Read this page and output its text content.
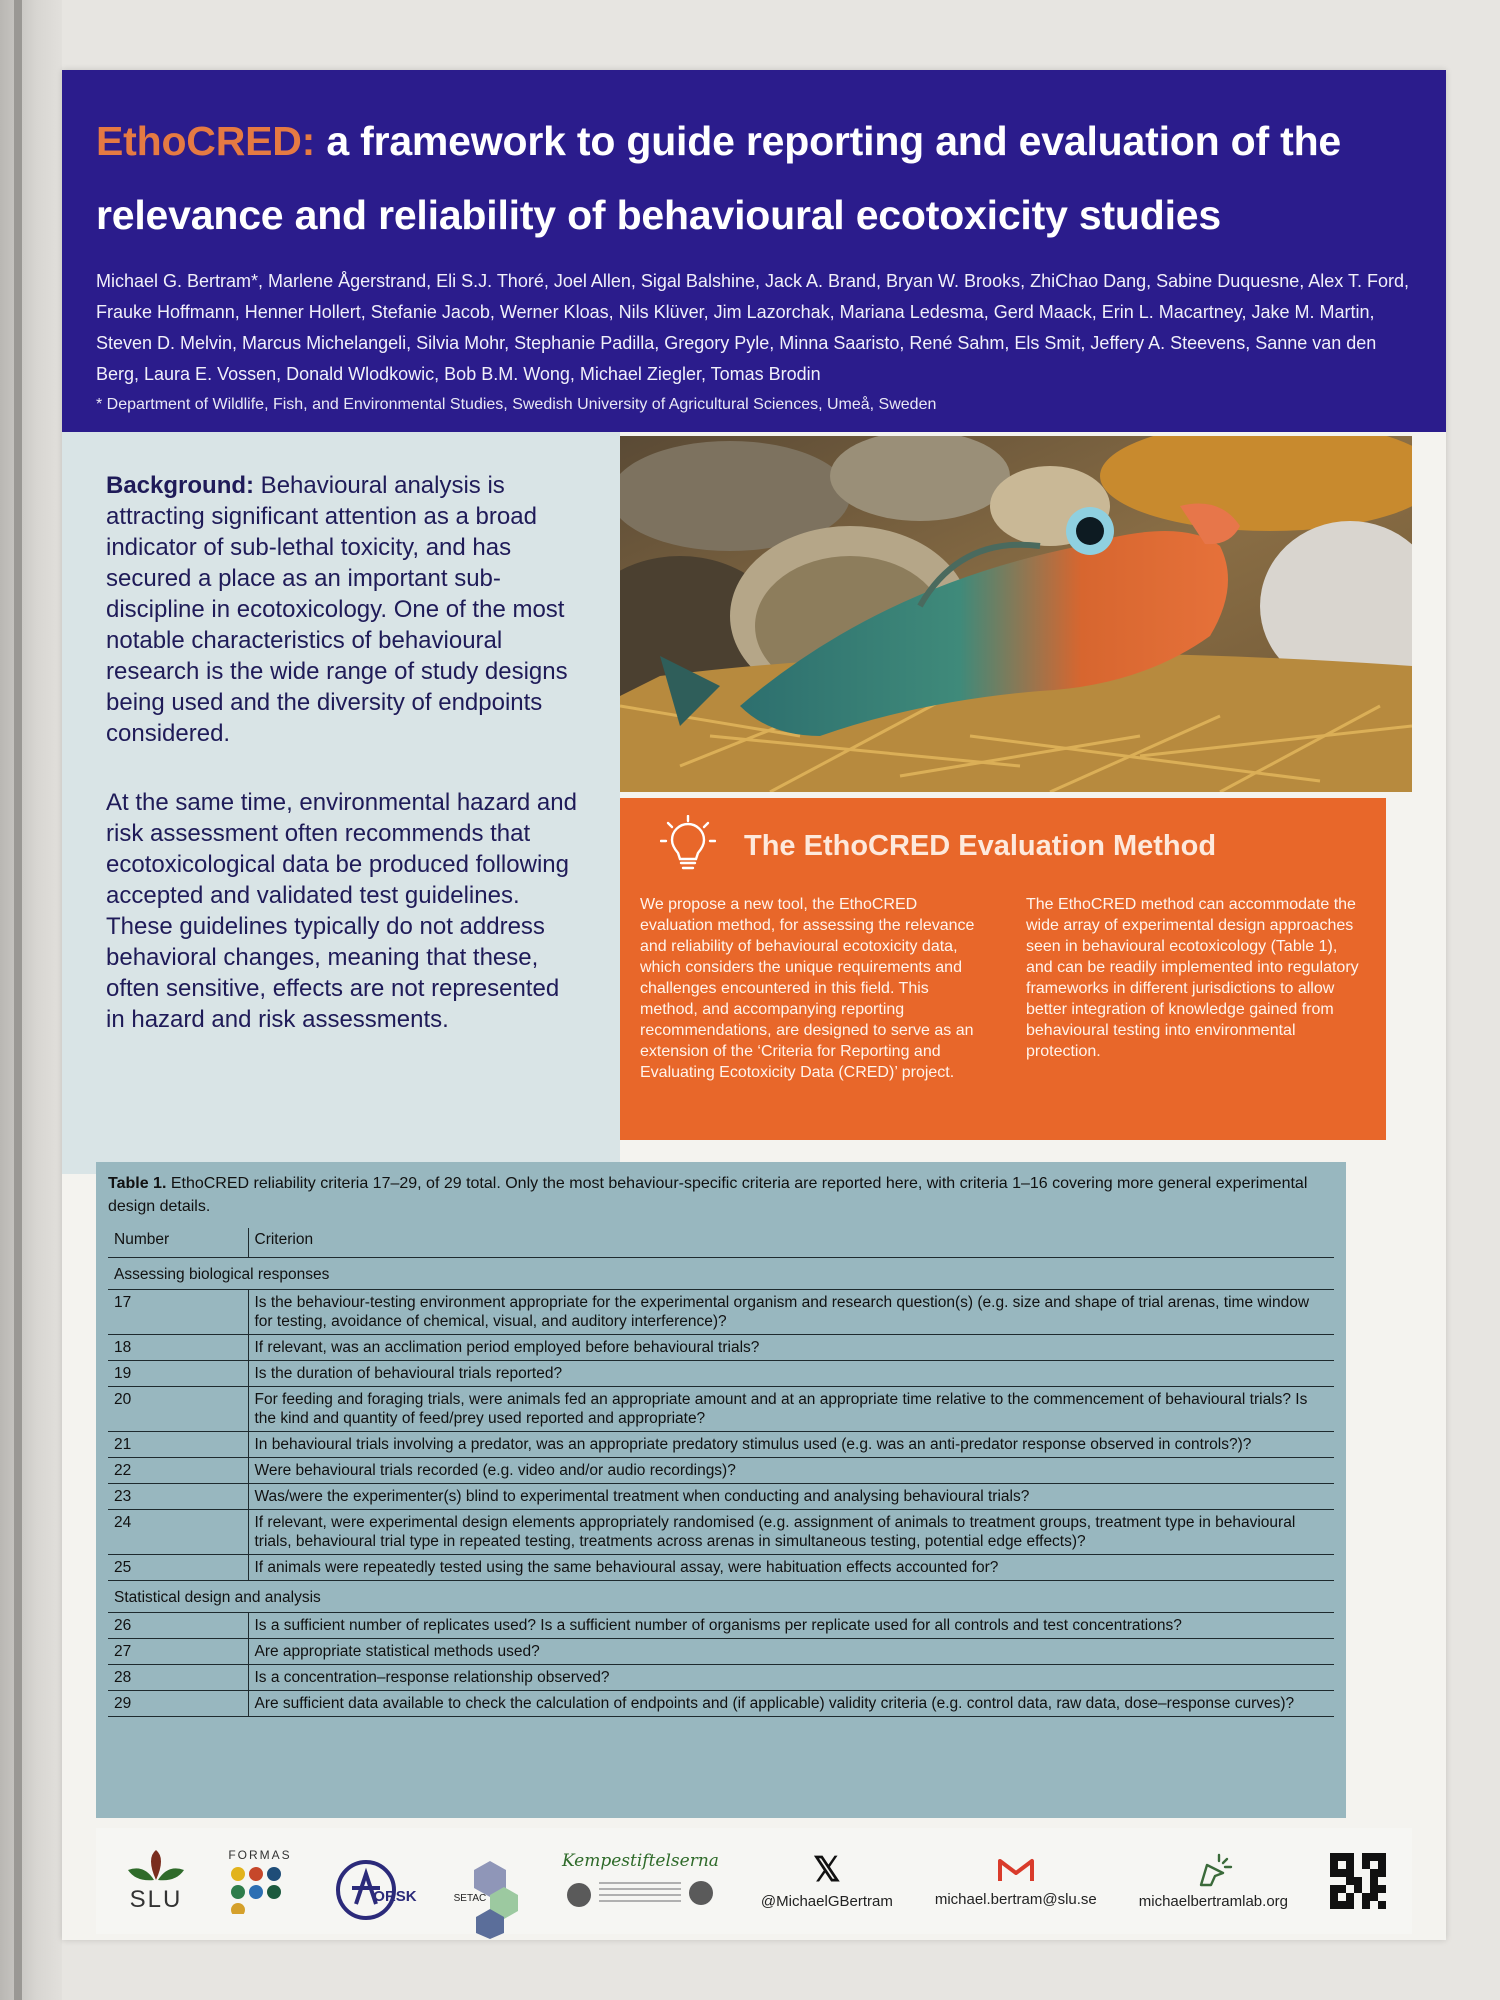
EthoCRED: a framework to guide reporting and evaluation of the relevance and reliability of behavioural ecotoxicity studies

Michael G. Bertram*, Marlene Ågerstrand, Eli S.J. Thoré, Joel Allen, Sigal Balshine, Jack A. Brand, Bryan W. Brooks, ZhiChao Dang, Sabine Duquesne, Alex T. Ford, Frauke Hoffmann, Henner Hollert, Stefanie Jacob, Werner Kloas, Nils Klüver, Jim Lazorchak, Mariana Ledesma, Gerd Maack, Erin L. Macartney, Jake M. Martin, Steven D. Melvin, Marcus Michelangeli, Silvia Mohr, Stephanie Padilla, Gregory Pyle, Minna Saaristo, René Sahm, Els Smit, Jeffery A. Steevens, Sanne van den Berg, Laura E. Vossen, Donald Wlodkowic, Bob B.M. Wong, Michael Ziegler, Tomas Brodin

* Department of Wildlife, Fish, and Environmental Studies, Swedish University of Agricultural Sciences, Umeå, Sweden

Background: Behavioural analysis is attracting significant attention as a broad indicator of sub-lethal toxicity, and has secured a place as an important sub-discipline in ecotoxicology. One of the most notable characteristics of behavioural research is the wide range of study designs being used and the diversity of endpoints considered.

At the same time, environmental hazard and risk assessment often recommends that ecotoxicological data be produced following accepted and validated test guidelines. These guidelines typically do not address behavioral changes, meaning that these, often sensitive, effects are not represented in hazard and risk assessments.

The EthoCRED Evaluation Method

We propose a new tool, the EthoCRED evaluation method, for assessing the relevance and reliability of behavioural ecotoxicity data, which considers the unique requirements and challenges encountered in this field. This method, and accompanying reporting recommendations, are designed to serve as an extension of the ‘Criteria for Reporting and Evaluating Ecotoxicity Data (CRED)’ project.

The EthoCRED method can accommodate the wide array of experimental design approaches seen in behavioural ecotoxicology (Table 1), and can be readily implemented into regulatory frameworks in different jurisdictions to allow better integration of knowledge gained from behavioural testing into environmental protection.

Table 1. EthoCRED reliability criteria 17–29, of 29 total. Only the most behaviour-specific criteria are reported here, with criteria 1–16 covering more general experimental design details.

Number	Criterion
Assessing biological responses	
17	Is the behaviour-testing environment appropriate for the experimental organism and research question(s) (e.g. size and shape of trial arenas, time window for testing, avoidance of chemical, visual, and auditory interference)?
18	If relevant, was an acclimation period employed before behavioural trials?
19	Is the duration of behavioural trials reported?
20	For feeding and foraging trials, were animals fed an appropriate amount and at an appropriate time relative to the commencement of behavioural trials? Is the kind and quantity of feed/prey used reported and appropriate?
21	In behavioural trials involving a predator, was an appropriate predatory stimulus used (e.g. was an anti-predator response observed in controls?)?
22	Were behavioural trials recorded (e.g. video and/or audio recordings)?
23	Was/were the experimenter(s) blind to experimental treatment when conducting and analysing behavioural trials?
24	If relevant, were experimental design elements appropriately randomised (e.g. assignment of animals to treatment groups, treatment type in behavioural trials, behavioural trial type in repeated testing, treatments across arenas in simultaneous testing, potential edge effects)?
25	If animals were repeatedly tested using the same behavioural assay, were habituation effects accounted for?
Statistical design and analysis	
26	Is a sufficient number of replicates used? Is a sufficient number of organisms per replicate used for all controls and test concentrations?
27	Are appropriate statistical methods used?
28	Is a concentration–response relationship observed?
29	Are sufficient data available to check the calculation of endpoints and (if applicable) validity criteria (e.g. control data, raw data, dose–response curves)?
SLU
FORMAS
ORSK	SETAC
Kempestiftelserna	𝕏
@MichaelGBertram	michael.bertram@slu.se	michaelbertramlab.org
